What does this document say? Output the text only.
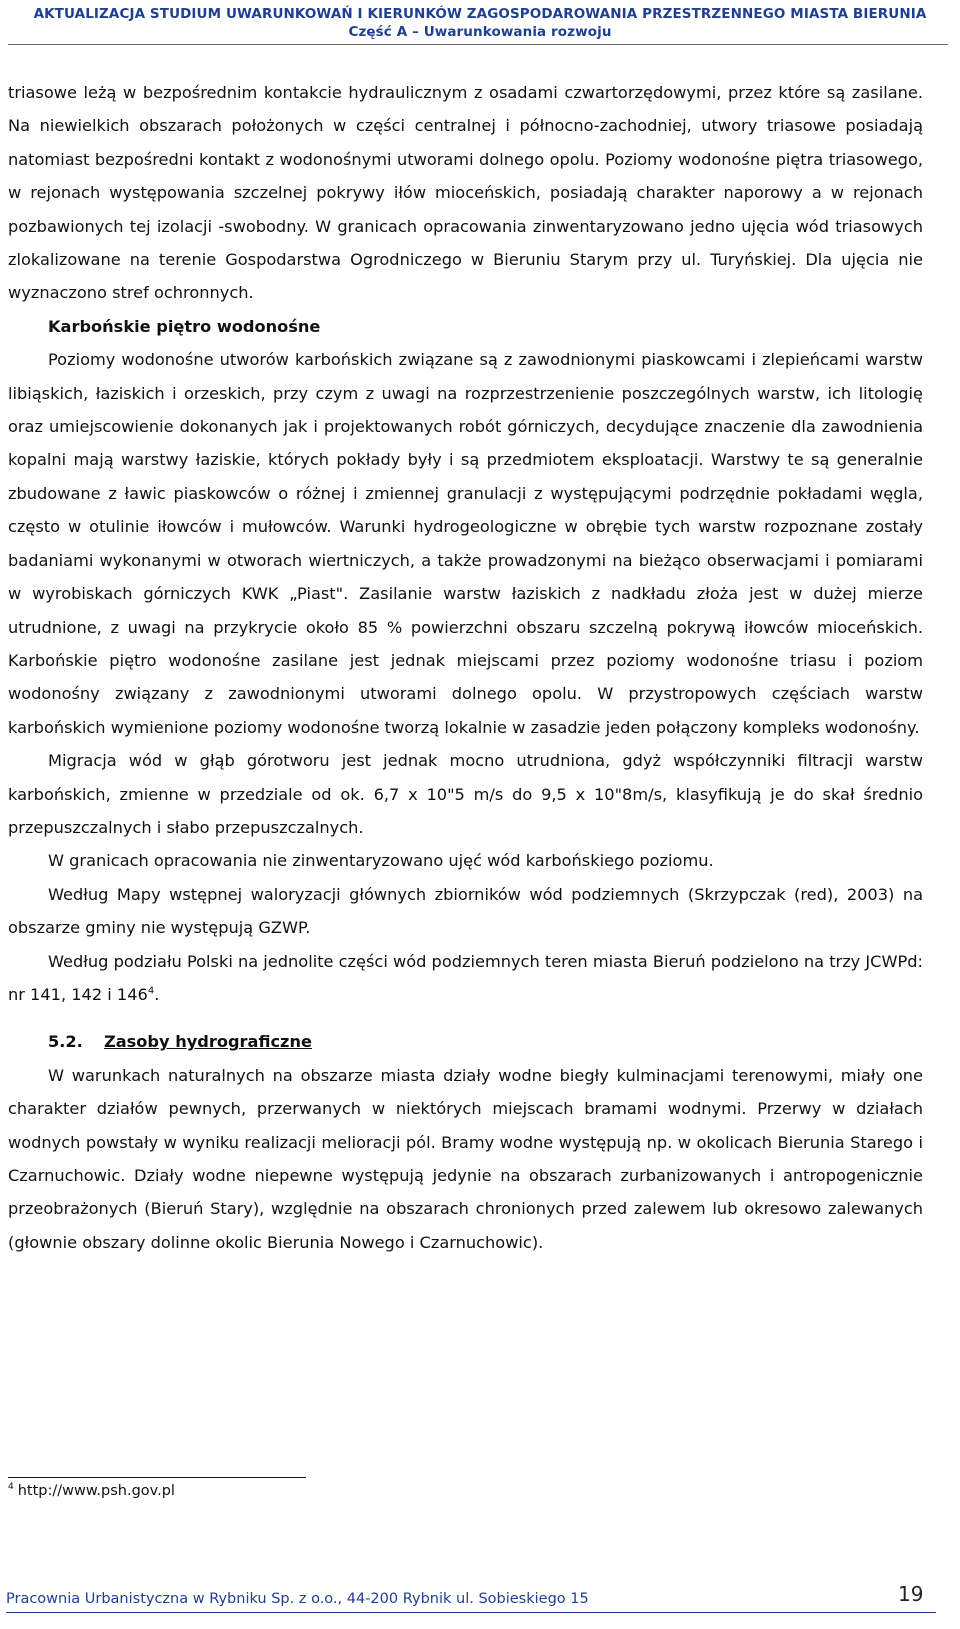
AKTUALIZACJA STUDIUM UWARUNKOWAŃ I KIERUNKÓW ZAGOSPODAROWANIA PRZESTRZENNEGO MIASTA BIERUNIA
Część A – Uwarunkowania rozwoju

triasowe leżą w bezpośrednim kontakcie hydraulicznym z osadami czwartorzędowymi, przez które są zasilane. Na niewielkich obszarach położonych w części centralnej i północno-zachodniej, utwory triasowe posiadają natomiast bezpośredni kontakt z wodonośnymi utworami dolnego opolu. Poziomy wodonośne piętra triasowego, w rejonach występowania szczelnej pokrywy iłów mioceńskich, posiadają charakter naporowy a w rejonach pozbawionych tej izolacji -swobodny. W granicach opracowania zinwentaryzowano jedno ujęcia wód triasowych zlokalizowane na terenie Gospodarstwa Ogrodniczego w Bieruniu Starym przy ul. Turyńskiej. Dla ujęcia nie wyznaczono stref ochronnych.

Karbońskie piętro wodonośne

Poziomy wodonośne utworów karbońskich związane są z zawodnionymi piaskowcami i zlepieńcami warstw libiąskich, łaziskich i orzeskich, przy czym z uwagi na rozprzestrzenienie poszczególnych warstw, ich litologię oraz umiejscowienie dokonanych jak i projektowanych robót górniczych, decydujące znaczenie dla zawodnienia kopalni mają warstwy łaziskie, których pokłady były i są przedmiotem eksploatacji. Warstwy te są generalnie zbudowane z ławic piaskowców o różnej i zmiennej granulacji z występującymi podrzędnie pokładami węgla, często w otulinie iłowców i mułowców. Warunki hydrogeologiczne w obrębie tych warstw rozpoznane zostały badaniami wykonanymi w otworach wiertniczych, a także prowadzonymi na bieżąco obserwacjami i pomiarami w wyrobiskach górniczych KWK „Piast". Zasilanie warstw łaziskich z nadkładu złoża jest w dużej mierze utrudnione, z uwagi na przykrycie około 85 % powierzchni obszaru szczelną pokrywą iłowców mioceńskich. Karbońskie piętro wodonośne zasilane jest jednak miejscami przez poziomy wodonośne triasu i poziom wodonośny związany z zawodnionymi utworami dolnego opolu. W przystropowych częściach warstw karbońskich wymienione poziomy wodonośne tworzą lokalnie w zasadzie jeden połączony kompleks wodonośny.

Migracja wód w głąb górotworu jest jednak mocno utrudniona, gdyż współczynniki filtracji warstw karbońskich, zmienne w przedziale od ok. 6,7 x 10"5 m/s do 9,5 x 10"8m/s, klasyfikują je do skał średnio przepuszczalnych i słabo przepuszczalnych.

W granicach opracowania nie zinwentaryzowano ujęć wód karbońskiego poziomu.

Według Mapy wstępnej waloryzacji głównych zbiorników wód podziemnych (Skrzypczak (red), 2003) na obszarze gminy nie występują GZWP.

Według podziału Polski na jednolite części wód podziemnych teren miasta Bieruń podzielono na trzy JCWPd: nr 141, 142 i $146^4$.

5.2. Zasoby hydrograficzne

W warunkach naturalnych na obszarze miasta działy wodne biegły kulminacjami terenowymi, miały one charakter działów pewnych, przerwanych w niektórych miejscach bramami wodnymi. Przerwy w działach wodnych powstały w wyniku realizacji melioracji pól. Bramy wodne występują np. w okolicach Bierunia Starego i Czarnuchowic. Działy wodne niepewne występują jedynie na obszarach zurbanizowanych i antropogenicznie przeobrażonych (Bieruń Stary), względnie na obszarach chronionych przed zalewem lub okresowo zalewanych (głownie obszary dolinne okolic Bierunia Nowego i Czarnuchowic).

$^4$ http://www.psh.gov.pl
Pracownia Urbanistyczna w Rybniku Sp. z o.o., 44-200 Rybnik ul. Sobieskiego 15	19
